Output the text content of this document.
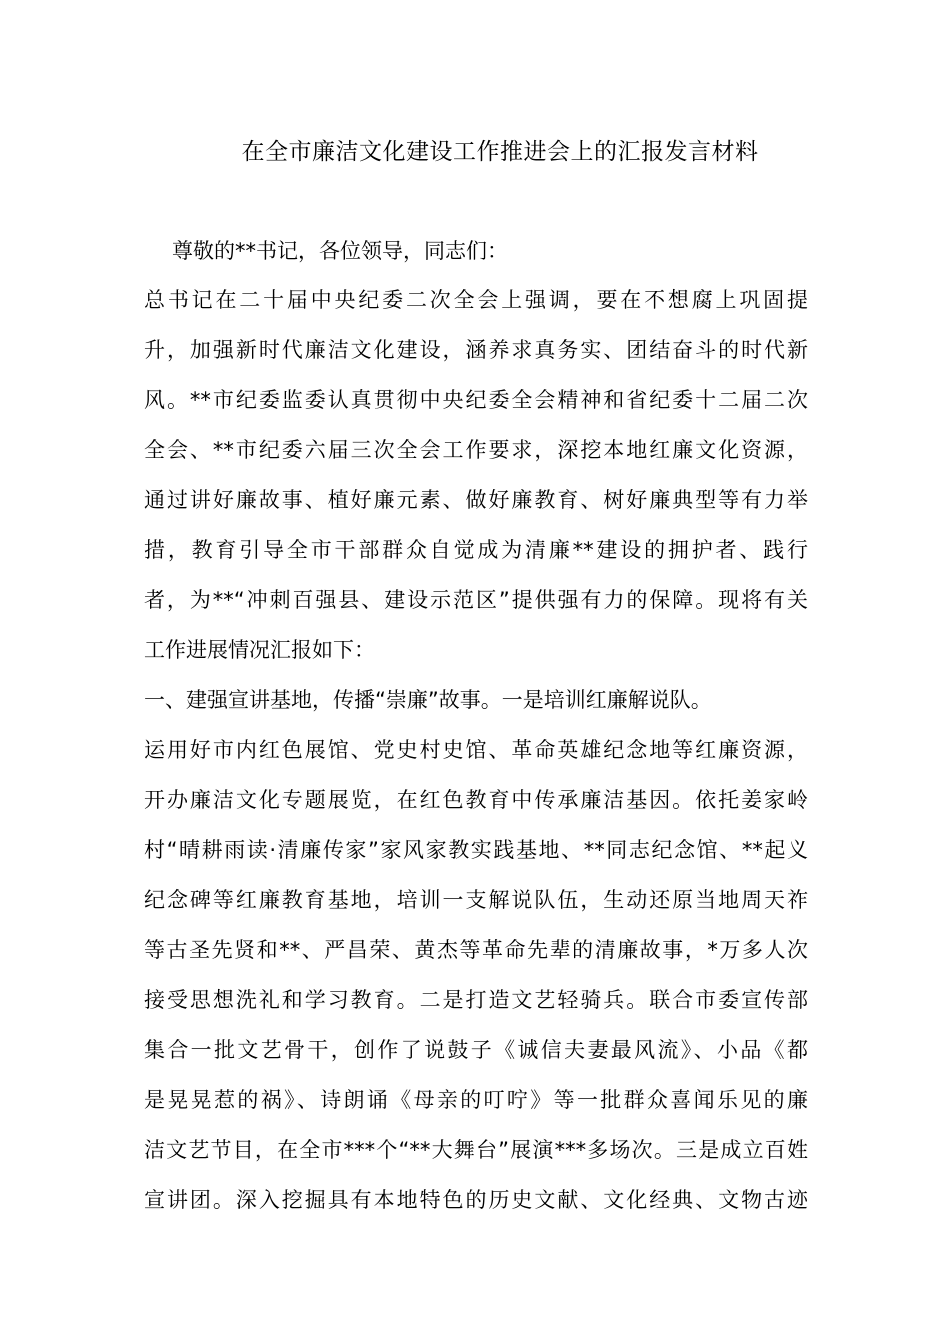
在全市廉洁文化建设工作推进会上的汇报发言材料
尊敬的**书记，各位领导，同志们：
总书记在二十届中央纪委二次全会上强调，要在不想腐上巩固提
升，加强新时代廉洁文化建设，涵养求真务实、团结奋斗的时代新
风。**市纪委监委认真贯彻中央纪委全会精神和省纪委十二届二次
全会、**市纪委六届三次全会工作要求，深挖本地红廉文化资源，
通过讲好廉故事、植好廉元素、做好廉教育、树好廉典型等有力举
措，教育引导全市干部群众自觉成为清廉**建设的拥护者、践行
者，为**“冲刺百强县、建设示范区”提供强有力的保障。现将有关
工作进展情况汇报如下：
一、建强宣讲基地，传播“崇廉”故事。一是培训红廉解说队。
运用好市内红色展馆、党史村史馆、革命英雄纪念地等红廉资源，
开办廉洁文化专题展览，在红色教育中传承廉洁基因。依托姜家岭
村“晴耕雨读·清廉传家”家风家教实践基地、**同志纪念馆、**起义
纪念碑等红廉教育基地，培训一支解说队伍，生动还原当地周天祚
等古圣先贤和**、严昌荣、黄杰等革命先辈的清廉故事，*万多人次
接受思想洗礼和学习教育。二是打造文艺轻骑兵。联合市委宣传部
集合一批文艺骨干，创作了说鼓子《诚信夫妻最风流》、小品《都
是晃晃惹的祸》、诗朗诵《母亲的叮咛》等一批群众喜闻乐见的廉
洁文艺节目，在全市***个“**大舞台”展演***多场次。三是成立百姓
宣讲团。深入挖掘具有本地特色的历史文献、文化经典、文物古迹
